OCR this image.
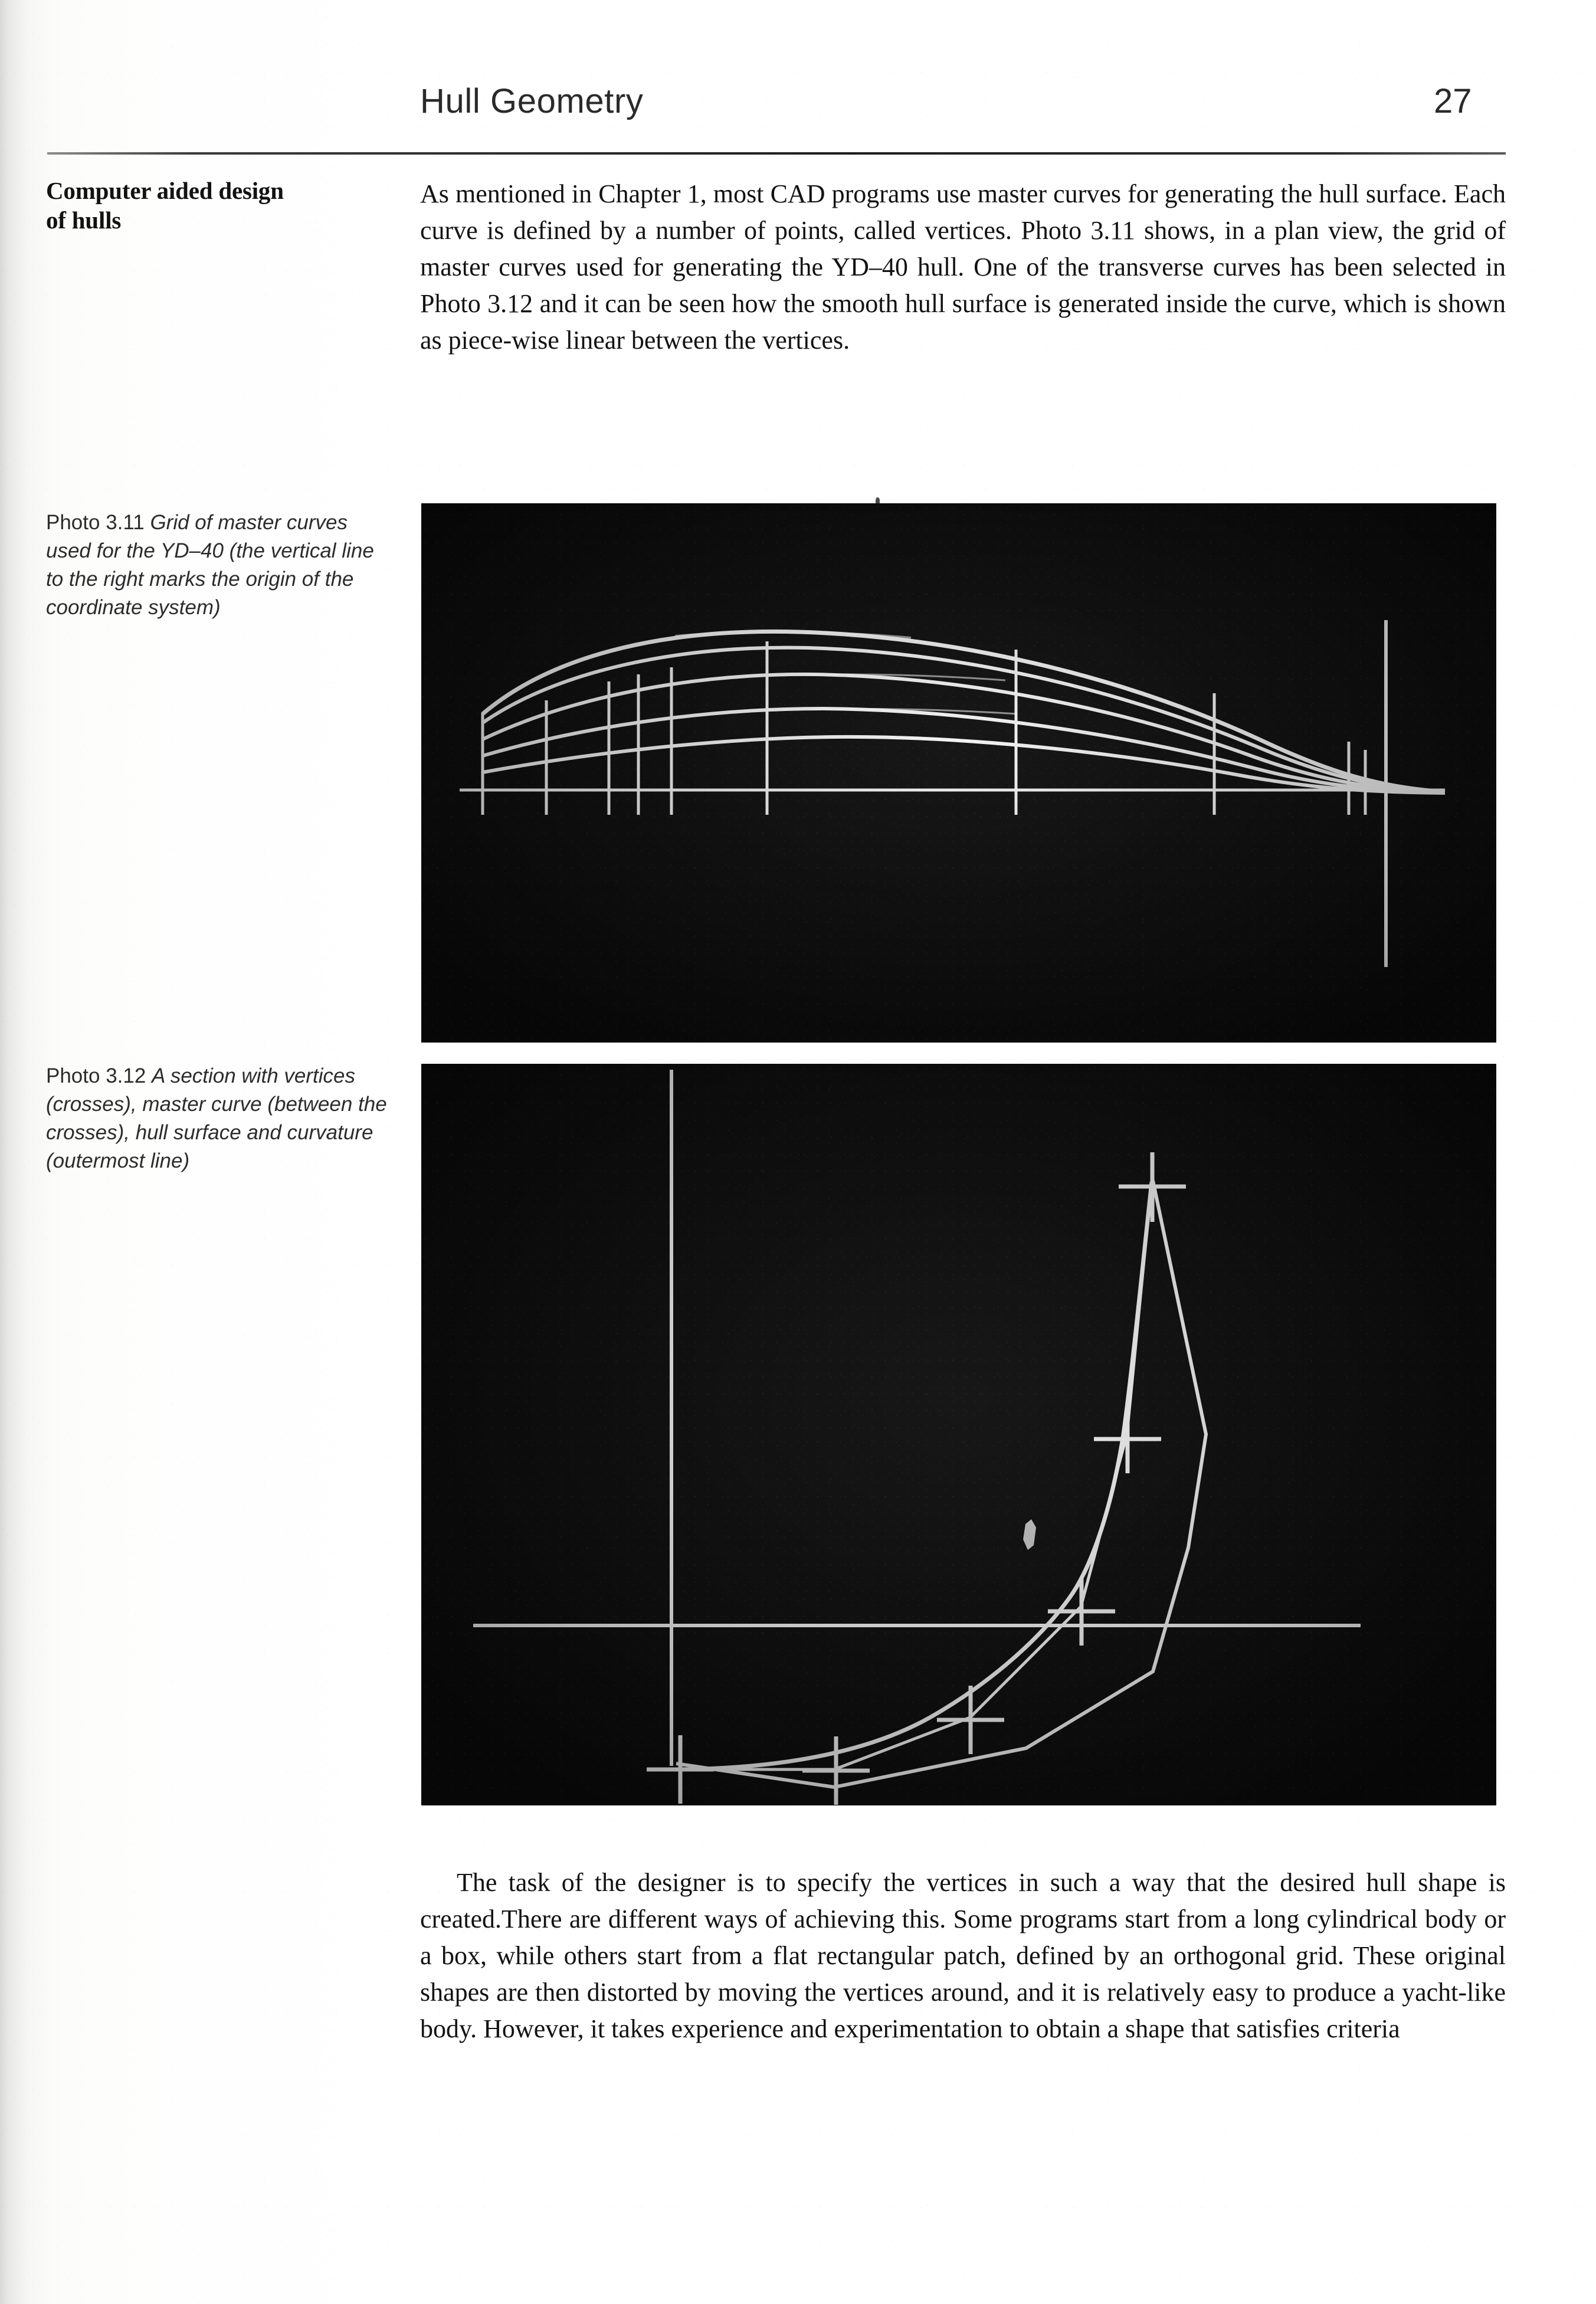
Hull Geometry	27
Computer aided design
of hulls

As mentioned in Chapter 1, most CAD programs use master curves for generating the hull surface. Each curve is defined by a number of points, called vertices. Photo 3.11 shows, in a plan view, the grid of master curves used for generating the YD–40 hull. One of the transverse curves has been selected in Photo 3.12 and it can be seen how the smooth hull surface is generated inside the curve, which is shown as piece-wise linear between the vertices.

Photo 3.11 Grid of master curves used for the YD–40 (the vertical line to the right marks the origin of the coordinate system)
Photo 3.12 A section with vertices (crosses), master curve (between the crosses), hull surface and curvature (outermost line)

The task of the designer is to specify the vertices in such a way that the desired hull shape is created.There are different ways of achieving this. Some programs start from a long cylindrical body or a box, while others start from a flat rectangular patch, defined by an orthogonal grid. These original shapes are then distorted by moving the vertices around, and it is relatively easy to produce a yacht-like body. However, it takes experience and experimentation to obtain a shape that satisfies criteria
